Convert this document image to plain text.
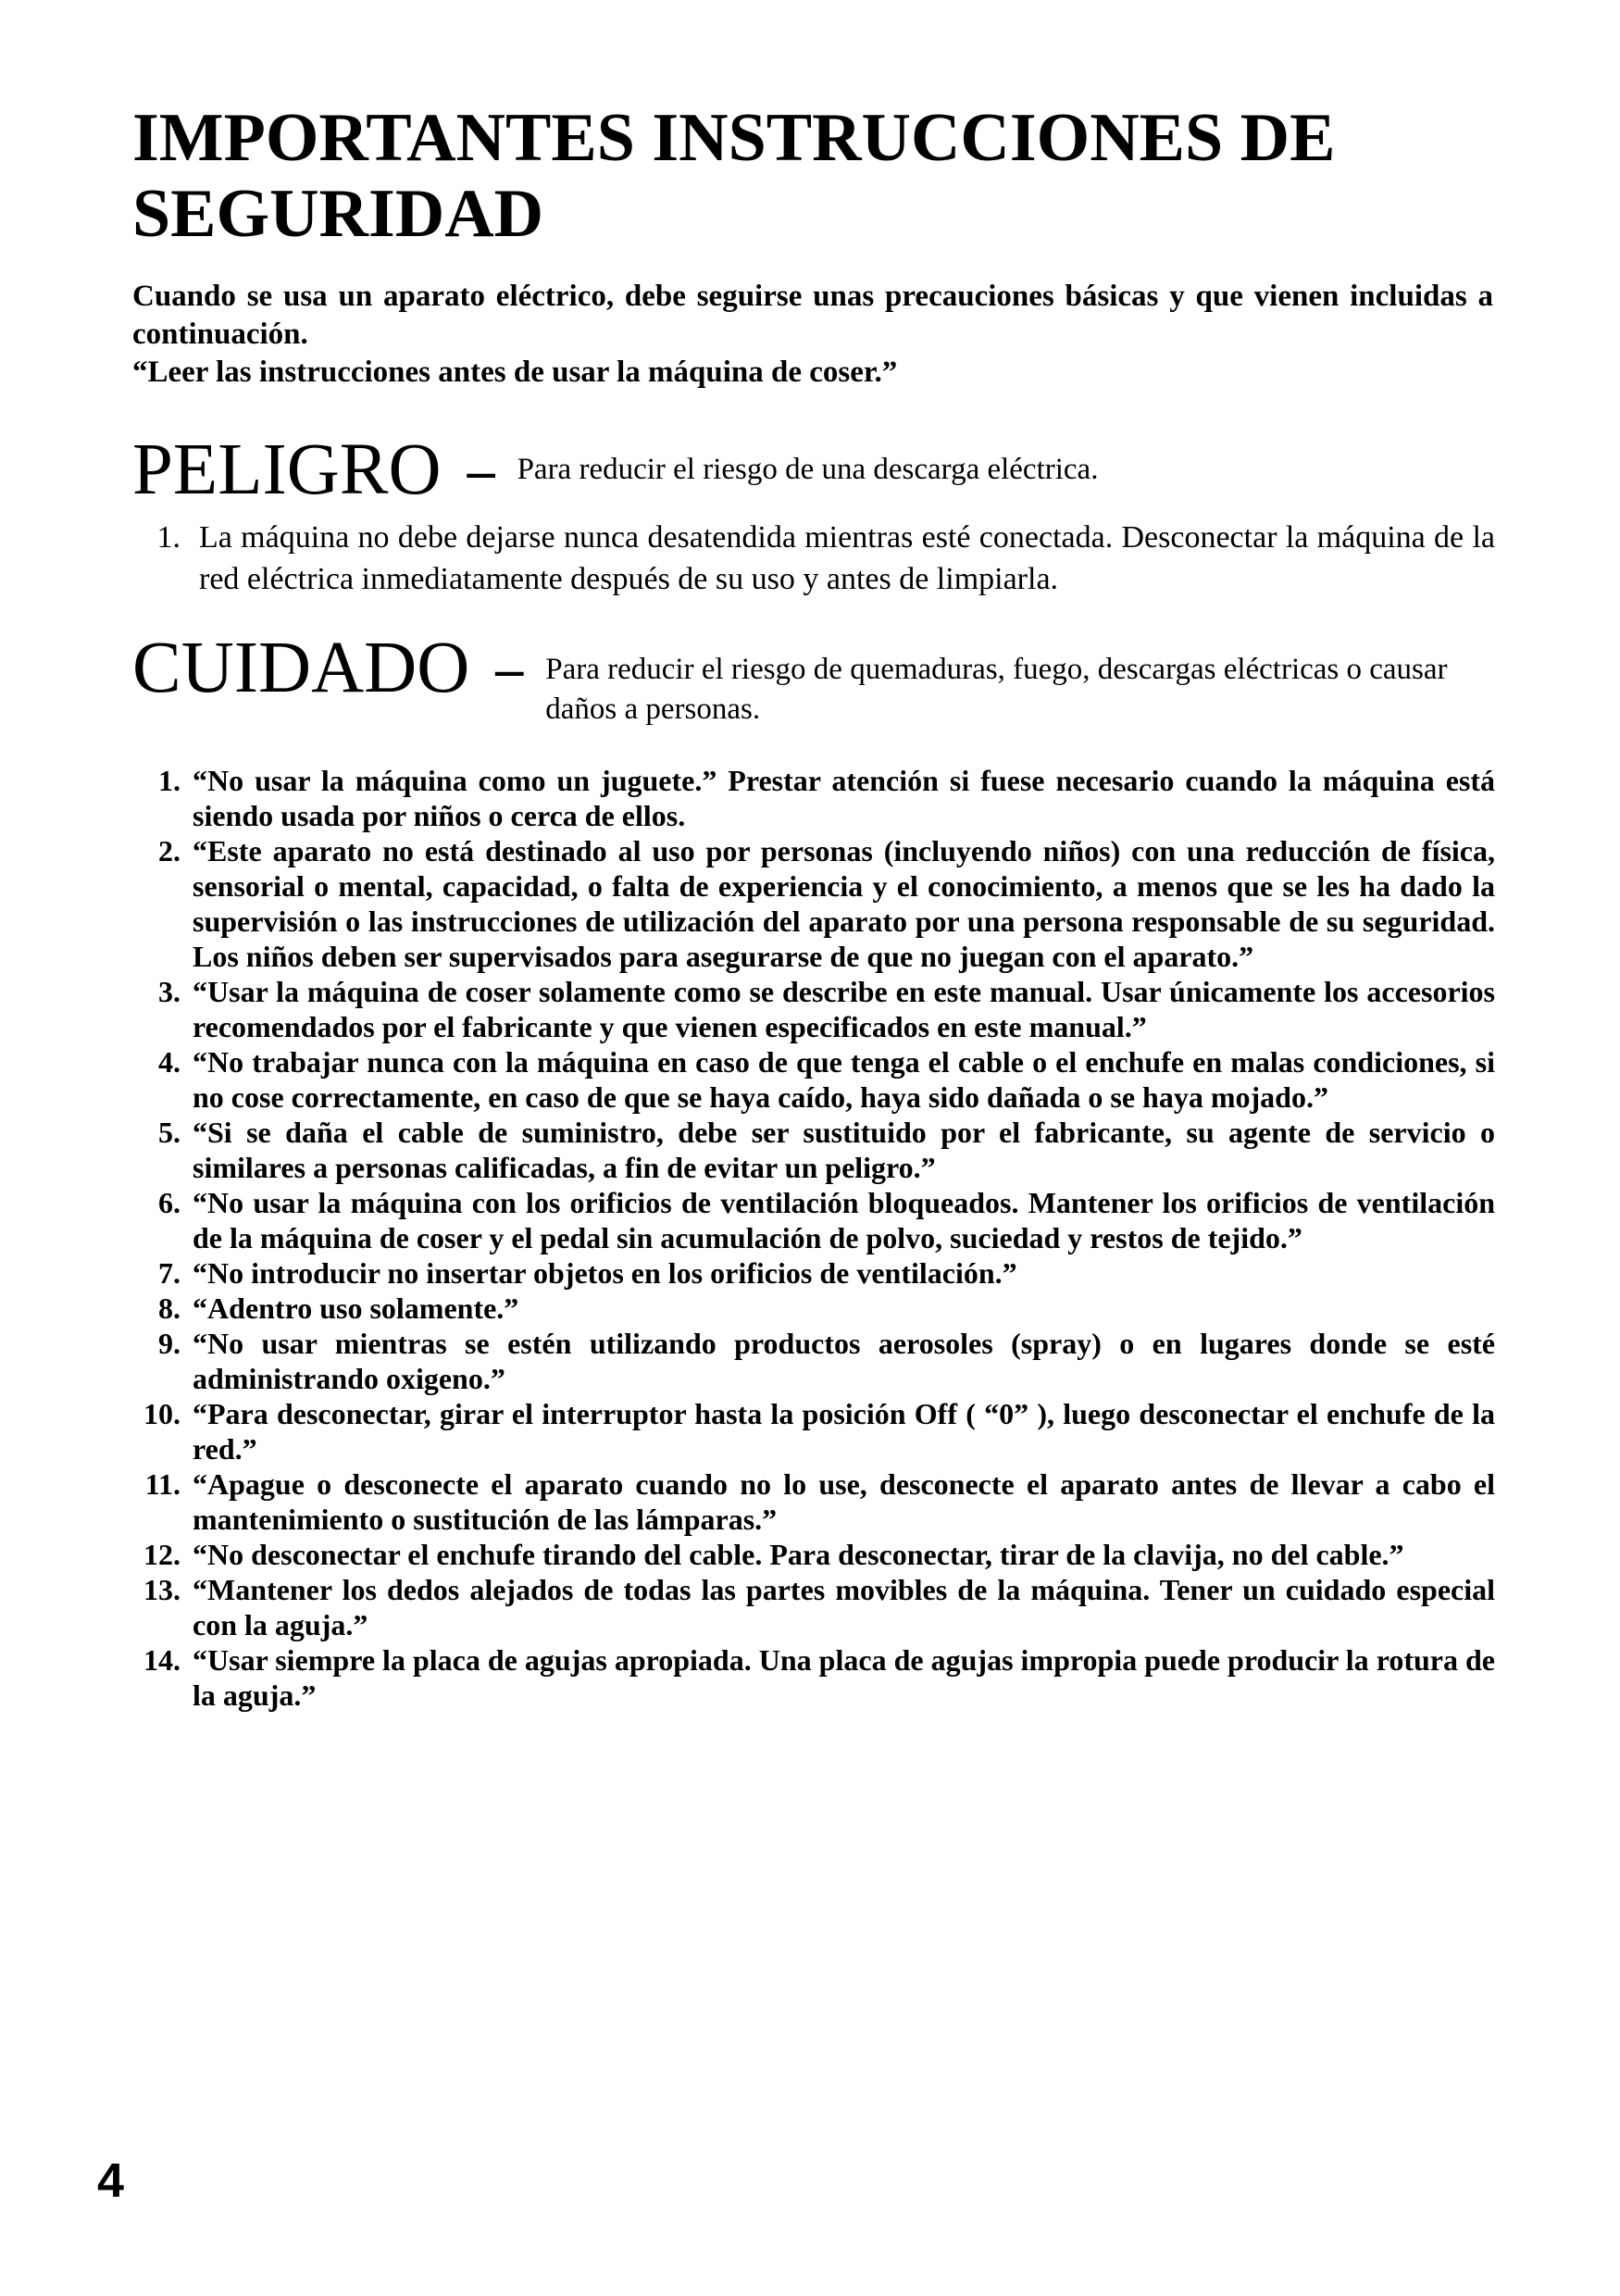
IMPORTANTES INSTRUCCIONES DE SEGURIDAD

Cuando se usa un aparato eléctrico, debe seguirse unas precauciones básicas y que vienen incluidas a continuación.

“Leer las instrucciones antes de usar la máquina de coser.”

PELIGRO – Para reducir el riesgo de una descarga eléctrica.
1. La máquina no debe dejarse nunca desatendida mientras esté conectada. Desconectar la máquina de la red eléctrica inmediatamente después de su uso y antes de limpiarla.
CUIDADO – Para reducir el riesgo de quemaduras, fuego, descargas eléctricas o causar daños a personas.
1. “No usar la máquina como un juguete.” Prestar atención si fuese necesario cuando la máquina está siendo usada por niños o cerca de ellos.
2. “Este aparato no está destinado al uso por personas (incluyendo niños) con una reducción de física, sensorial o mental, capacidad, o falta de experiencia y el conocimiento, a menos que se les ha dado la supervisión o las instrucciones de utilización del aparato por una persona responsable de su seguridad. Los niños deben ser supervisados para asegurarse de que no juegan con el aparato.”
3. “Usar la máquina de coser solamente como se describe en este manual. Usar únicamente los accesorios recomendados por el fabricante y que vienen especificados en este manual.”
4. “No trabajar nunca con la máquina en caso de que tenga el cable o el enchufe en malas condiciones, si no cose correctamente, en caso de que se haya caído, haya sido dañada o se haya mojado.”
5. “Si se daña el cable de suministro, debe ser sustituido por el fabricante, su agente de servicio o similares a personas calificadas, a fin de evitar un peligro.”
6. “No usar la máquina con los orificios de ventilación bloqueados. Mantener los orificios de ventilación de la máquina de coser y el pedal sin acumulación de polvo, suciedad y restos de tejido.”
7. “No introducir no insertar objetos en los orificios de ventilación.”
8. “Adentro uso solamente.”
9. “No usar mientras se estén utilizando productos aerosoles (spray) o en lugares donde se esté administrando oxigeno.”
10. “Para desconectar, girar el interruptor hasta la posición Off ( “0” ), luego desconectar el enchufe de la red.”
11. “Apague o desconecte el aparato cuando no lo use, desconecte el aparato antes de llevar a cabo el mantenimiento o sustitución de las lámparas.”
12. “No desconectar el enchufe tirando del cable. Para desconectar, tirar de la clavija, no del cable.”
13. “Mantener los dedos alejados de todas las partes movibles de la máquina. Tener un cuidado especial con la aguja.”
14. “Usar siempre la placa de agujas apropiada. Una placa de agujas impropia puede producir la rotura de la aguja.”
4
